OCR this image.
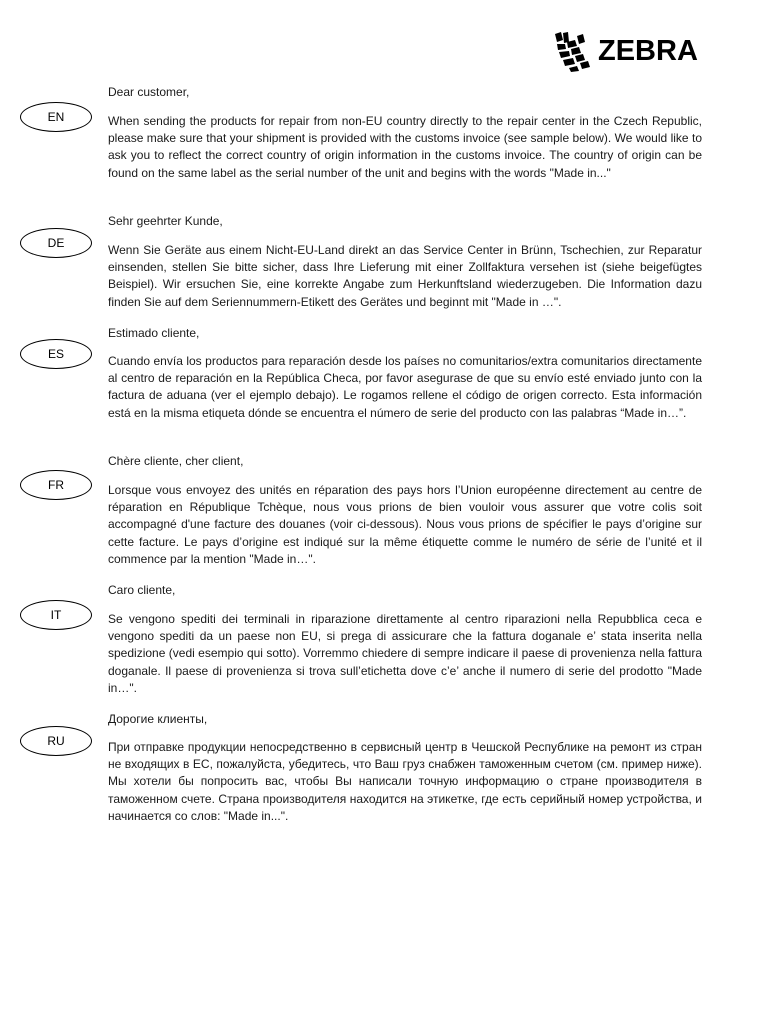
ZEBRA
EN
Dear customer,
When sending the products for repair from non-EU country directly to the repair center in the Czech Republic, please make sure that your shipment is provided with the customs invoice (see sample below). We would like to ask you to reflect the correct country of origin information in the customs invoice. The country of origin can be found on the same label as the serial number of the unit and begins with the words "Made in..."
DE
Sehr geehrter Kunde,
Wenn Sie Geräte aus einem Nicht-EU-Land direkt an das Service Center in Brünn, Tschechien, zur Reparatur einsenden, stellen Sie bitte sicher, dass Ihre Lieferung mit einer Zollfaktura versehen ist (siehe beigefügtes Beispiel). Wir ersuchen Sie, eine korrekte Angabe zum Herkunftsland wiederzugeben. Die Information dazu finden Sie auf dem Seriennummern-Etikett des Gerätes und beginnt mit "Made in …".
ES
Estimado cliente,
Cuando envía los productos para reparación desde los países no comunitarios/extra comunitarios directamente al centro de reparación en la República Checa, por favor asegurase de que su envío esté enviado junto con la factura de aduana (ver el ejemplo debajo). Le rogamos rellene el código de origen correcto. Esta información está en la misma etiqueta dónde se encuentra el número de serie del producto con las palabras “Made in…”.
FR
Chère cliente, cher client,
Lorsque vous envoyez des unités en réparation des pays hors l’Union européenne directement au centre de réparation en République Tchèque, nous vous prions de bien vouloir vous assurer que votre colis soit accompagné d'une facture des douanes (voir ci-dessous). Nous vous prions de spécifier le pays d’origine sur cette facture. Le pays d’origine est indiqué sur la même étiquette comme le numéro de série de l’unité et il commence par la mention "Made in…".
IT
Caro cliente,
Se vengono spediti dei terminali in riparazione direttamente al centro riparazioni nella Repubblica ceca e vengono spediti da un paese non EU, si prega di assicurare che la fattura doganale e’ stata inserita nella spedizione (vedi esempio qui sotto). Vorremmo chiedere di sempre indicare il paese di provenienza nella fattura doganale. Il paese di provenienza si trova sull’etichetta dove c’e’ anche il numero di serie del prodotto "Made in…".
RU
Дорогие клиенты,
При отправке продукции непосредственно в сервисный центр в Чешской Республике на ремонт из стран не входящих в ЕС, пожалуйста, убедитесь, что Ваш груз снабжен таможенным счетом (см. пример ниже). Мы хотели бы попросить вас, чтобы Вы написали точную информацию о стране производителя в таможенном счете. Страна производителя находится на этикетке, где есть серийный номер устройства, и начинается со слов: "Made in...".
